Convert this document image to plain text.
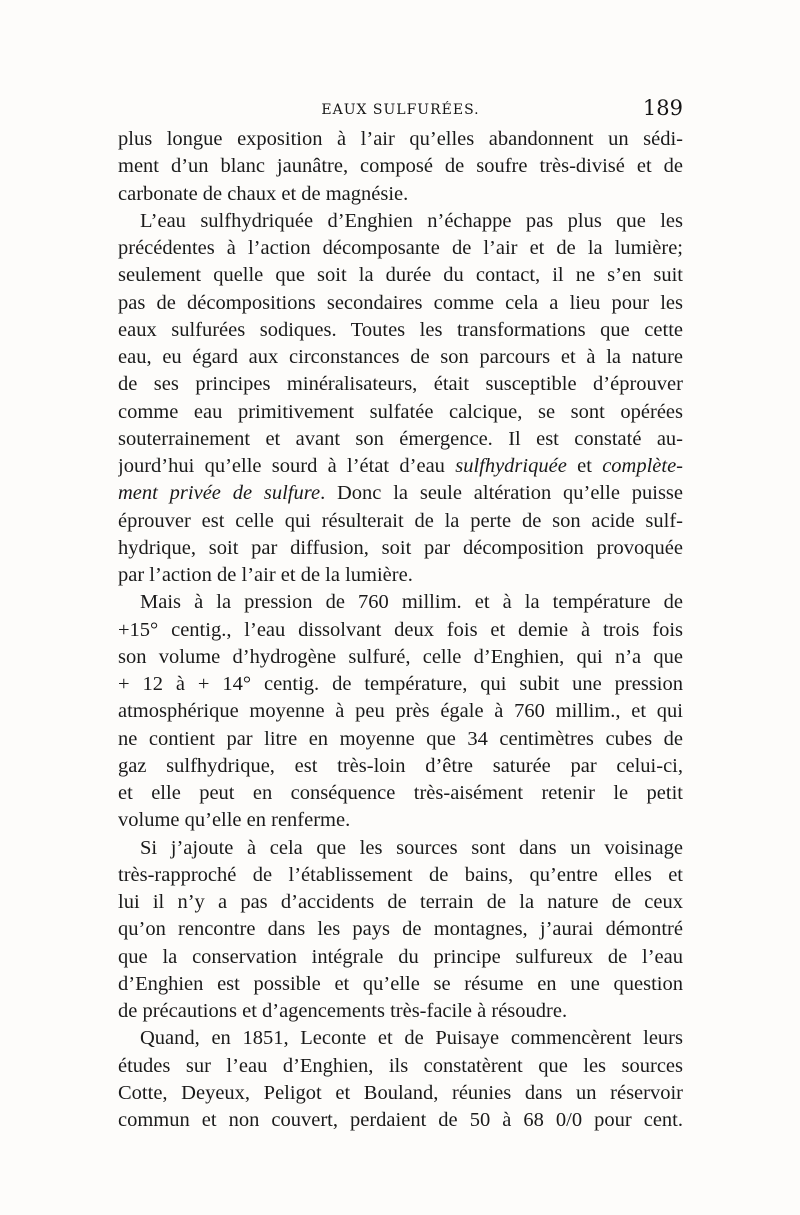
EAUX SULFURÉES.	189
plus longue exposition à l’air qu’elles abandonnent un sédi-
ment d’un blanc jaunâtre, composé de soufre très-divisé et de
carbonate de chaux et de magnésie.
L’eau sulfhydriquée d’Enghien n’échappe pas plus que les
précédentes à l’action décomposante de l’air et de la lumière;
seulement quelle que soit la durée du contact, il ne s’en suit
pas de décompositions secondaires comme cela a lieu pour les
eaux sulfurées sodiques. Toutes les transformations que cette
eau, eu égard aux circonstances de son parcours et à la nature
de ses principes minéralisateurs, était susceptible d’éprouver
comme eau primitivement sulfatée calcique, se sont opérées
souterrainement et avant son émergence. Il est constaté au-
jourd’hui qu’elle sourd à l’état d’eau sulfhydriquée et complète-
ment privée de sulfure. Donc la seule altération qu’elle puisse
éprouver est celle qui résulterait de la perte de son acide sulf-
hydrique, soit par diffusion, soit par décomposition provoquée
par l’action de l’air et de la lumière.
Mais à la pression de 760 millim. et à la température de
+15° centig., l’eau dissolvant deux fois et demie à trois fois
son volume d’hydrogène sulfuré, celle d’Enghien, qui n’a que
+ 12 à + 14° centig. de température, qui subit une pression
atmosphérique moyenne à peu près égale à 760 millim., et qui
ne contient par litre en moyenne que 34 centimètres cubes de
gaz sulfhydrique, est très-loin d’être saturée par celui-ci,
et elle peut en conséquence très-aisément retenir le petit
volume qu’elle en renferme.
Si j’ajoute à cela que les sources sont dans un voisinage
très-rapproché de l’établissement de bains, qu’entre elles et
lui il n’y a pas d’accidents de terrain de la nature de ceux
qu’on rencontre dans les pays de montagnes, j’aurai démontré
que la conservation intégrale du principe sulfureux de l’eau
d’Enghien est possible et qu’elle se résume en une question
de précautions et d’agencements très-facile à résoudre.
Quand, en 1851, Leconte et de Puisaye commencèrent leurs
études sur l’eau d’Enghien, ils constatèrent que les sources
Cotte, Deyeux, Peligot et Bouland, réunies dans un réservoir
commun et non couvert, perdaient de 50 à 68 0/0 pour cent.
